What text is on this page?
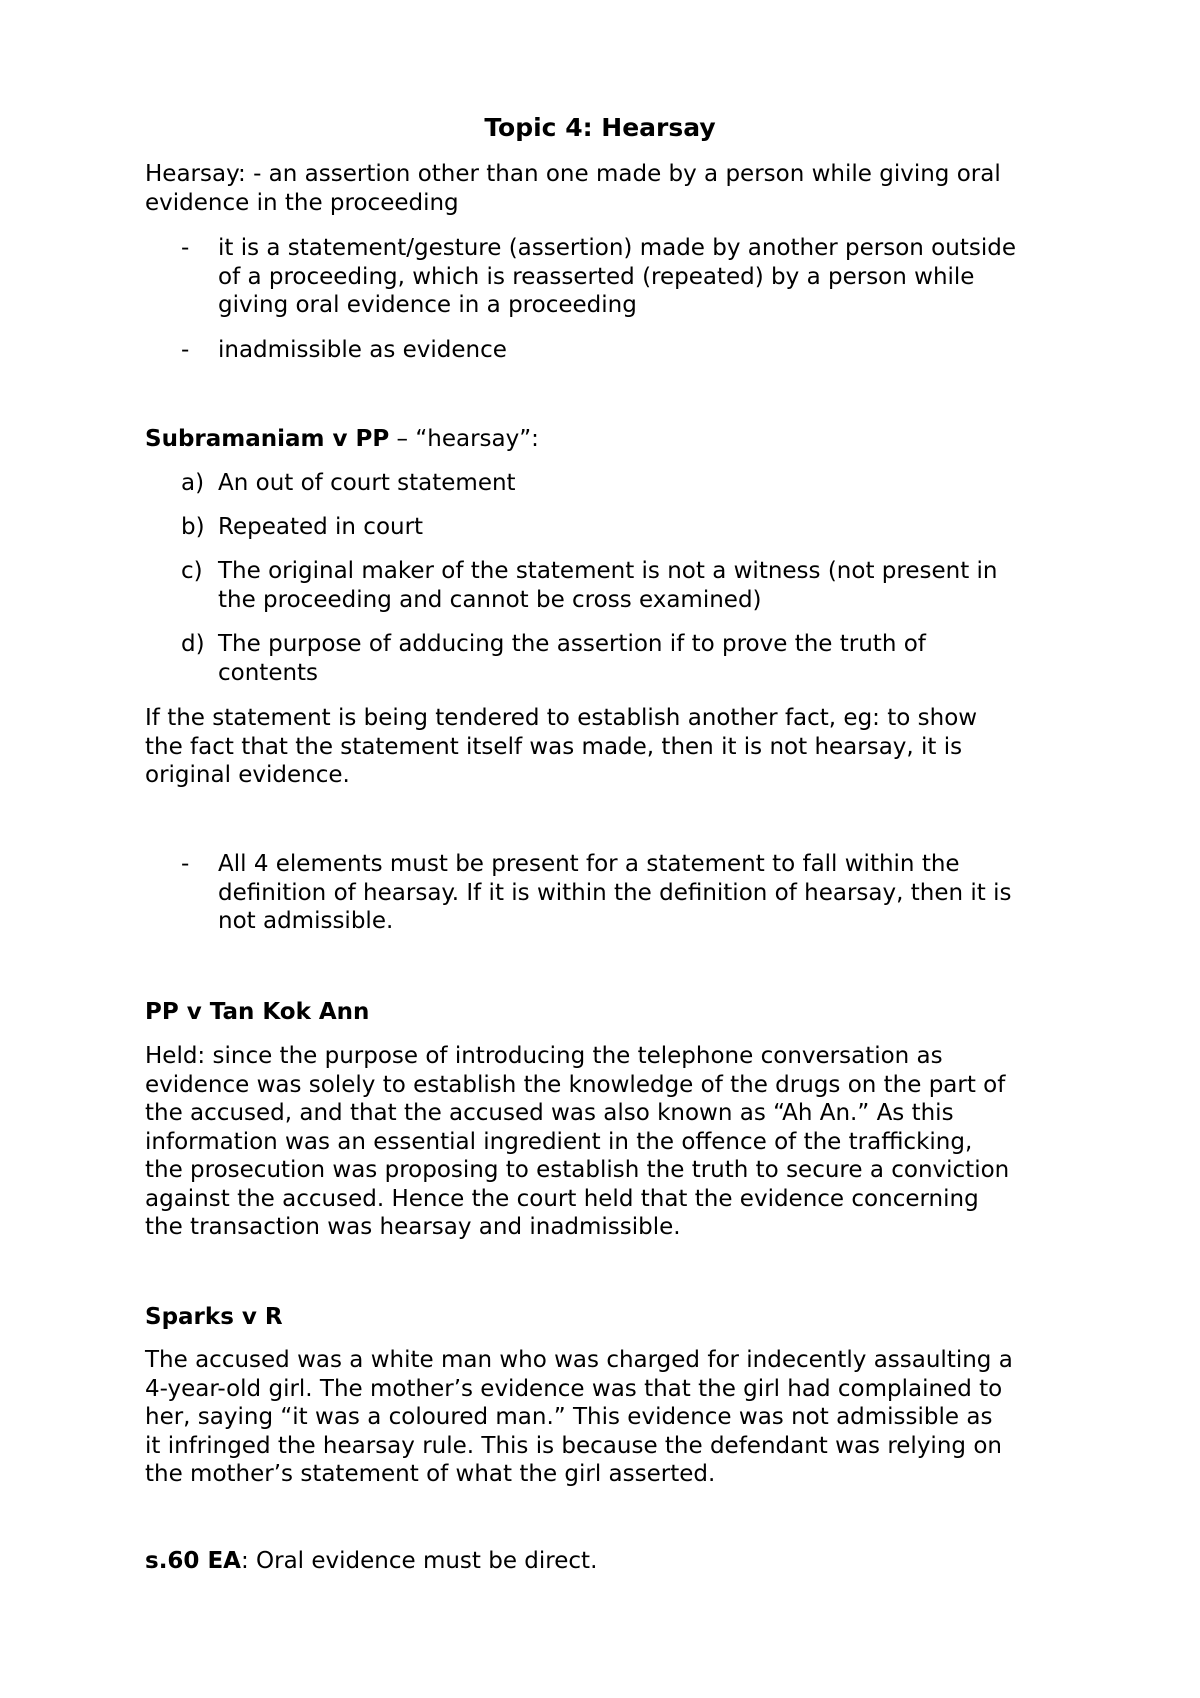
Topic 4: Hearsay
Hearsay: - an assertion other than one made by a person while giving oral
evidence in the proceeding
- it is a statement/gesture (assertion) made by another person outside
of a proceeding, which is reasserted (repeated) by a person while
giving oral evidence in a proceeding
- inadmissible as evidence
Subramaniam v PP – “hearsay”:
a) An out of court statement
b) Repeated in court
c) The original maker of the statement is not a witness (not present in
the proceeding and cannot be cross examined)
d) The purpose of adducing the assertion if to prove the truth of
contents
If the statement is being tendered to establish another fact, eg: to show
the fact that the statement itself was made, then it is not hearsay, it is
original evidence.
- All 4 elements must be present for a statement to fall within the
definition of hearsay. If it is within the definition of hearsay, then it is
not admissible.
PP v Tan Kok Ann
Held: since the purpose of introducing the telephone conversation as
evidence was solely to establish the knowledge of the drugs on the part of
the accused, and that the accused was also known as “Ah An.” As this
information was an essential ingredient in the offence of the trafficking,
the prosecution was proposing to establish the truth to secure a conviction
against the accused. Hence the court held that the evidence concerning
the transaction was hearsay and inadmissible.
Sparks v R
The accused was a white man who was charged for indecently assaulting a
4-year-old girl. The mother’s evidence was that the girl had complained to
her, saying “it was a coloured man.” This evidence was not admissible as
it infringed the hearsay rule. This is because the defendant was relying on
the mother’s statement of what the girl asserted.
s.60 EA: Oral evidence must be direct.
